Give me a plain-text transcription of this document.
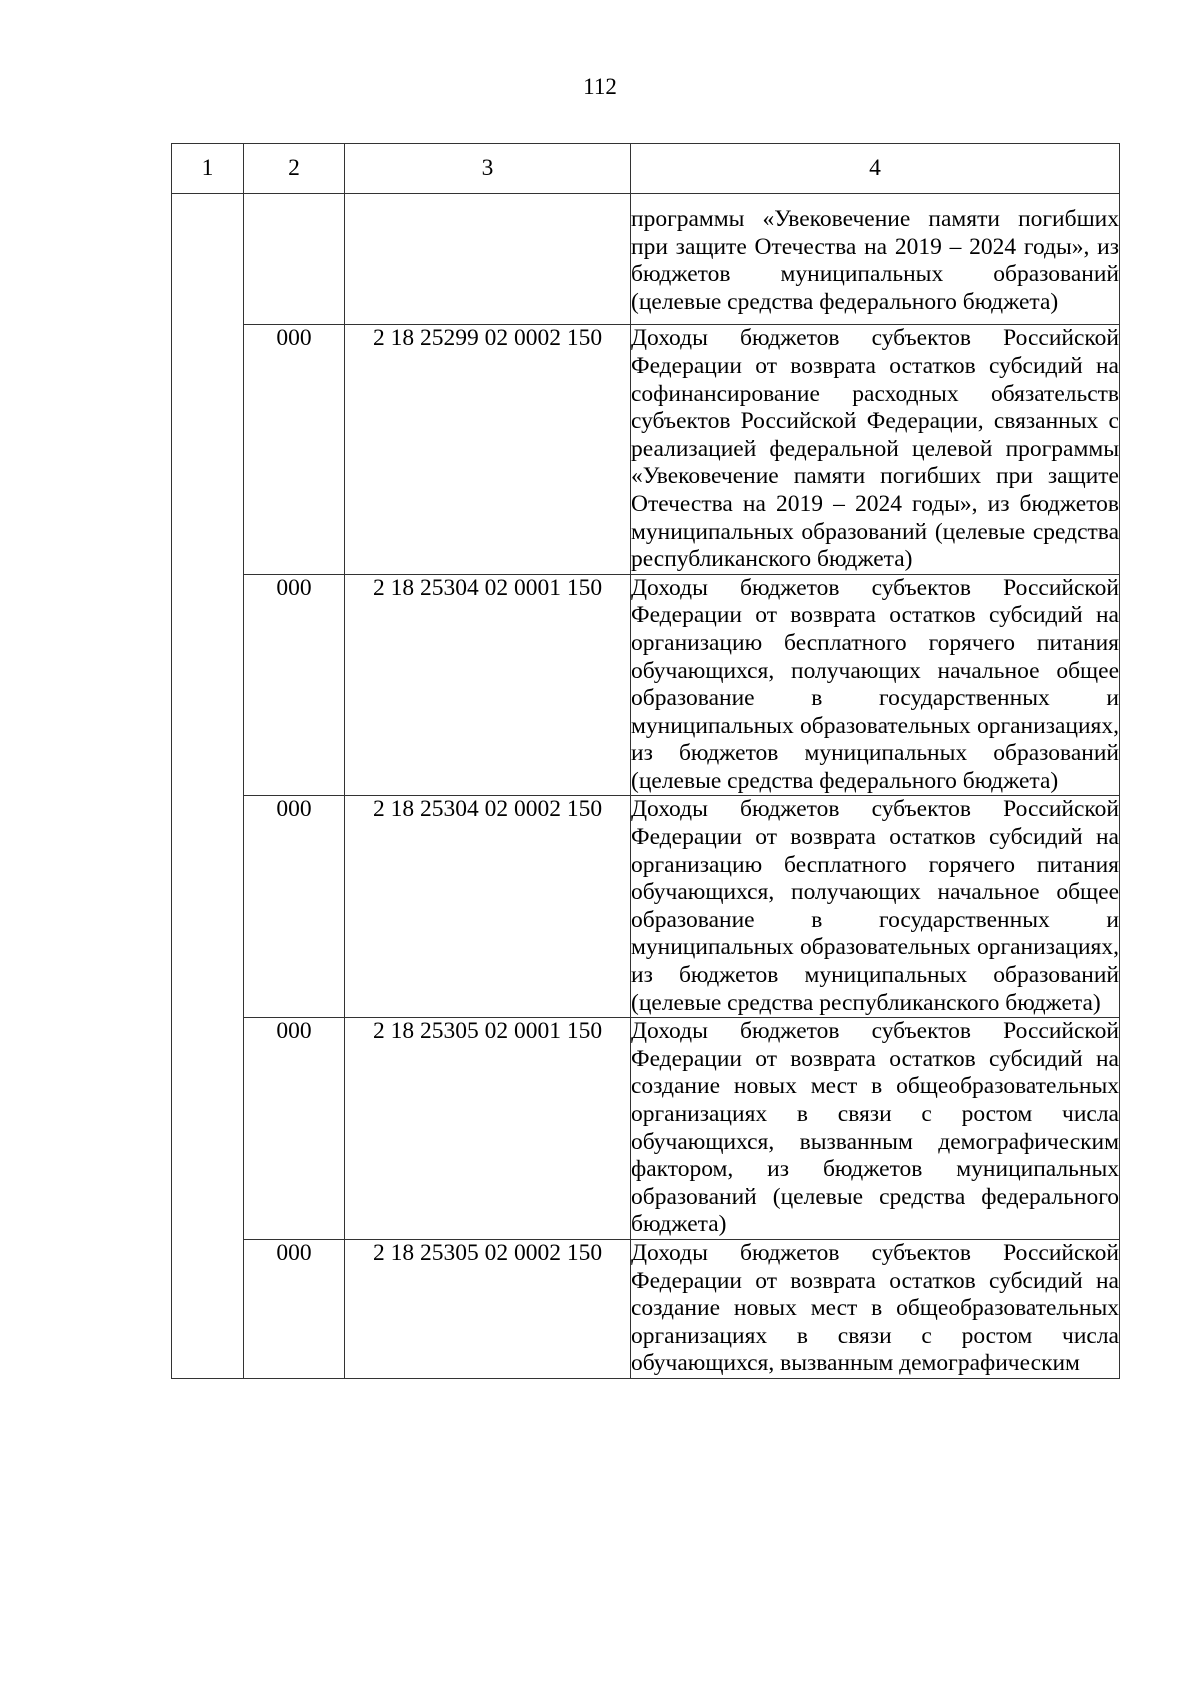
112
1	2	3	4
			программы «Увековечение памяти погибших при защите Отечества на 2019 – 2024 годы», из бюджетов муниципальных образований (целевые средства федерального бюджета)
	000	2 18 25299 02 0002 150	Доходы бюджетов субъектов Российской Федерации от возврата остатков субсидий на софинансирование расходных обязательств субъектов Российской Федерации, связанных с реализацией федеральной целевой программы «Увековечение памяти погибших при защите Отечества на 2019 – 2024 годы», из бюджетов муниципальных образований (целевые средства республиканского бюджета)
	000	2 18 25304 02 0001 150	Доходы бюджетов субъектов Российской Федерации от возврата остатков субсидий на организацию бесплатного горячего питания обучающихся, получающих начальное общее образование в государственных и муниципальных образовательных организациях, из бюджетов муниципальных образований (целевые средства федерального бюджета)
	000	2 18 25304 02 0002 150	Доходы бюджетов субъектов Российской Федерации от возврата остатков субсидий на организацию бесплатного горячего питания обучающихся, получающих начальное общее образование в государственных и муниципальных образовательных организациях, из бюджетов муниципальных образований (целевые средства республиканского бюджета)
	000	2 18 25305 02 0001 150	Доходы бюджетов субъектов Российской Федерации от возврата остатков субсидий на создание новых мест в общеобразовательных организациях в связи с ростом числа обучающихся, вызванным демографическим фактором, из бюджетов муниципальных образований (целевые средства федерального бюджета)
	000	2 18 25305 02 0002 150	Доходы бюджетов субъектов Российской Федерации от возврата остатков субсидий на создание новых мест в общеобразовательных организациях в связи с ростом числа обучающихся, вызванным демографическим
